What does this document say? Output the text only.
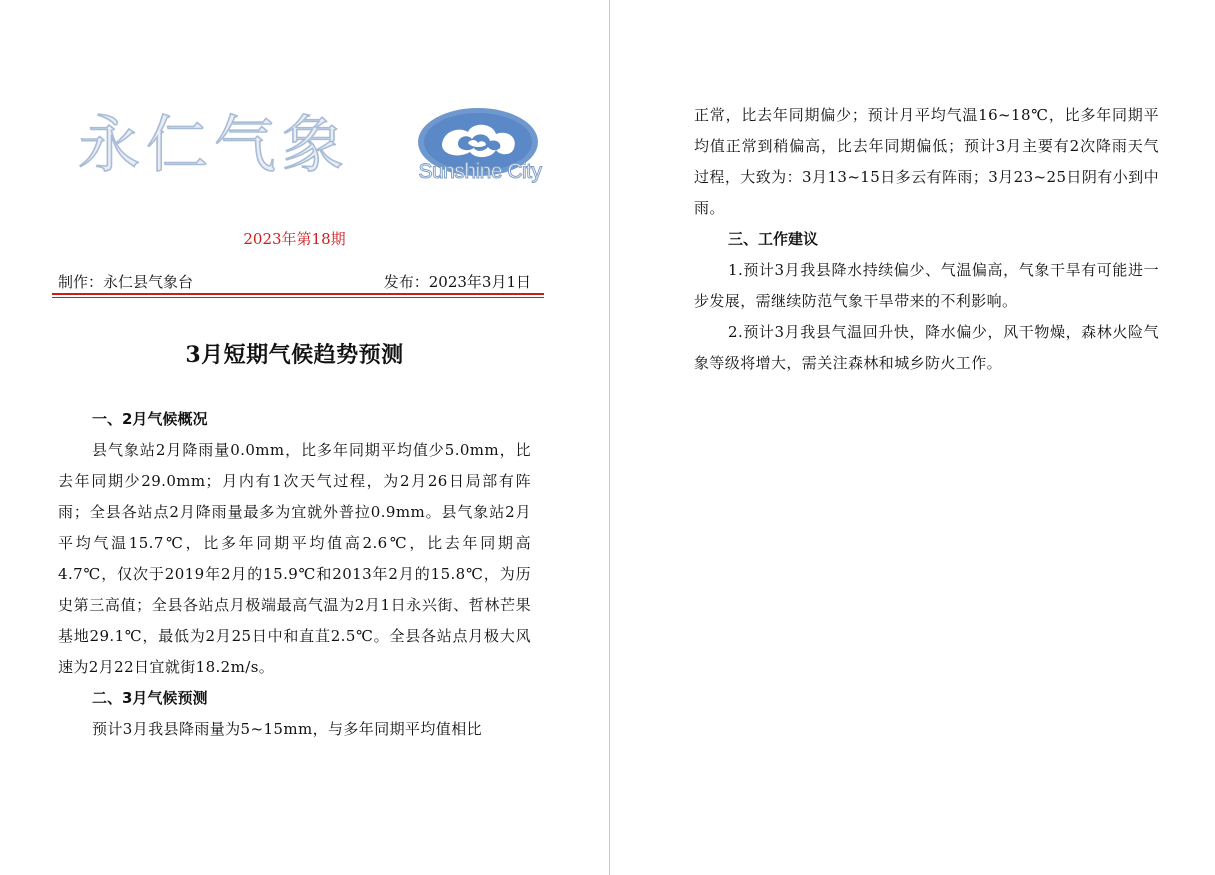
永仁气象	Sunshine City
2023年第18期
制作：永仁县气象台	发布：2023年3月1日
3月短期气候趋势预测

一、2月气候概况

县气象站2月降雨量0.0mm，比多年同期平均值少5.0mm，比去年同期少29.0mm；月内有1次天气过程，为2月26日局部有阵雨；全县各站点2月降雨量最多为宜就外普拉0.9mm。县气象站2月平均气温15.7℃，比多年同期平均值高2.6℃，比去年同期高4.7℃，仅次于2019年2月的15.9℃和2013年2月的15.8℃，为历史第三高值；全县各站点月极端最高气温为2月1日永兴街、哲林芒果基地29.1℃，最低为2月25日中和直苴2.5℃。全县各站点月极大风速为2月22日宜就街18.2m/s。

二、3月气候预测

预计3月我县降雨量为5~15mm，与多年同期平均值相比

正常，比去年同期偏少；预计月平均气温16~18℃，比多年同期平均值正常到稍偏高，比去年同期偏低；预计3月主要有2次降雨天气过程，大致为：3月13~15日多云有阵雨；3月23~25日阴有小到中雨。

三、工作建议

1.预计3月我县降水持续偏少、气温偏高，气象干旱有可能进一步发展，需继续防范气象干旱带来的不利影响。

2.预计3月我县气温回升快，降水偏少，风干物燥，森林火险气象等级将增大，需关注森林和城乡防火工作。
